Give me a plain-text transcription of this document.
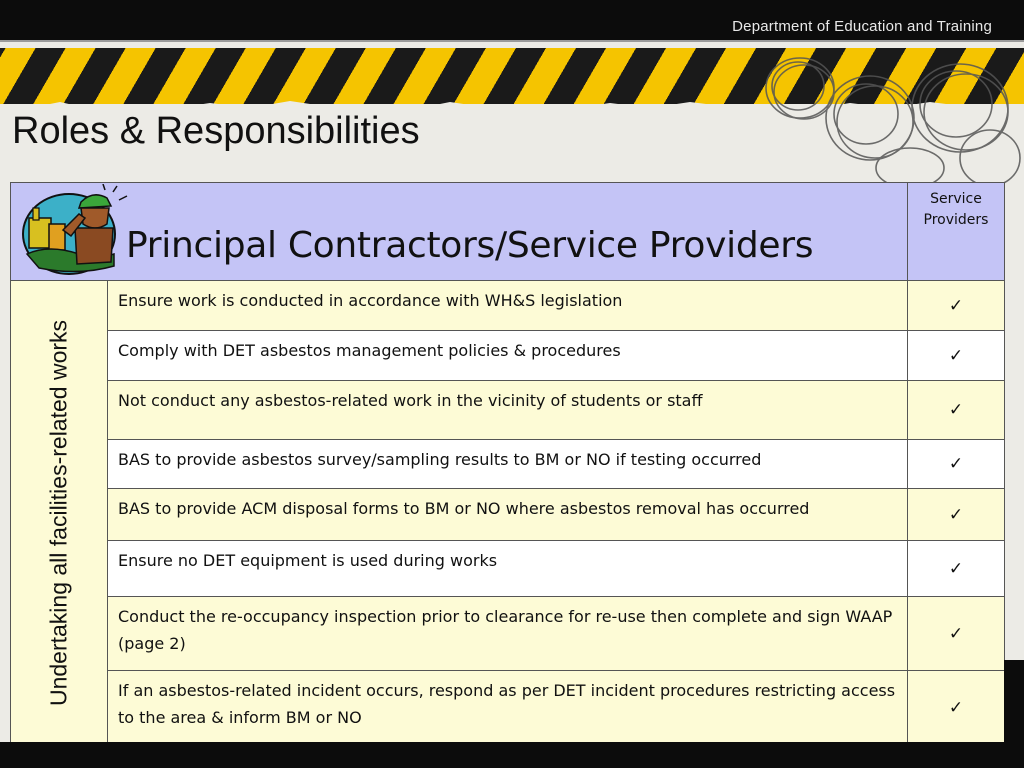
Department of Education and Training
Roles & Responsibilities
Principal Contractors/Service Providers		Service Providers

Undertaking all facilities-related works	Ensure work is conducted in accordance with WH&S legislation	✓
	Comply with DET asbestos management policies & procedures	✓
	Not conduct any asbestos-related work in the vicinity of students or staff	✓
	BAS to provide asbestos survey/sampling results to BM or NO if testing occurred	✓
	BAS to provide ACM disposal forms to BM or NO where asbestos removal has occurred	✓
	Ensure no DET equipment is used during works	✓
	Conduct the re-occupancy inspection prior to clearance for re-use then complete and sign WAAP (page 2)	✓
	If an asbestos-related incident occurs, respond as per DET incident procedures restricting access to the area & inform BM or NO	✓
